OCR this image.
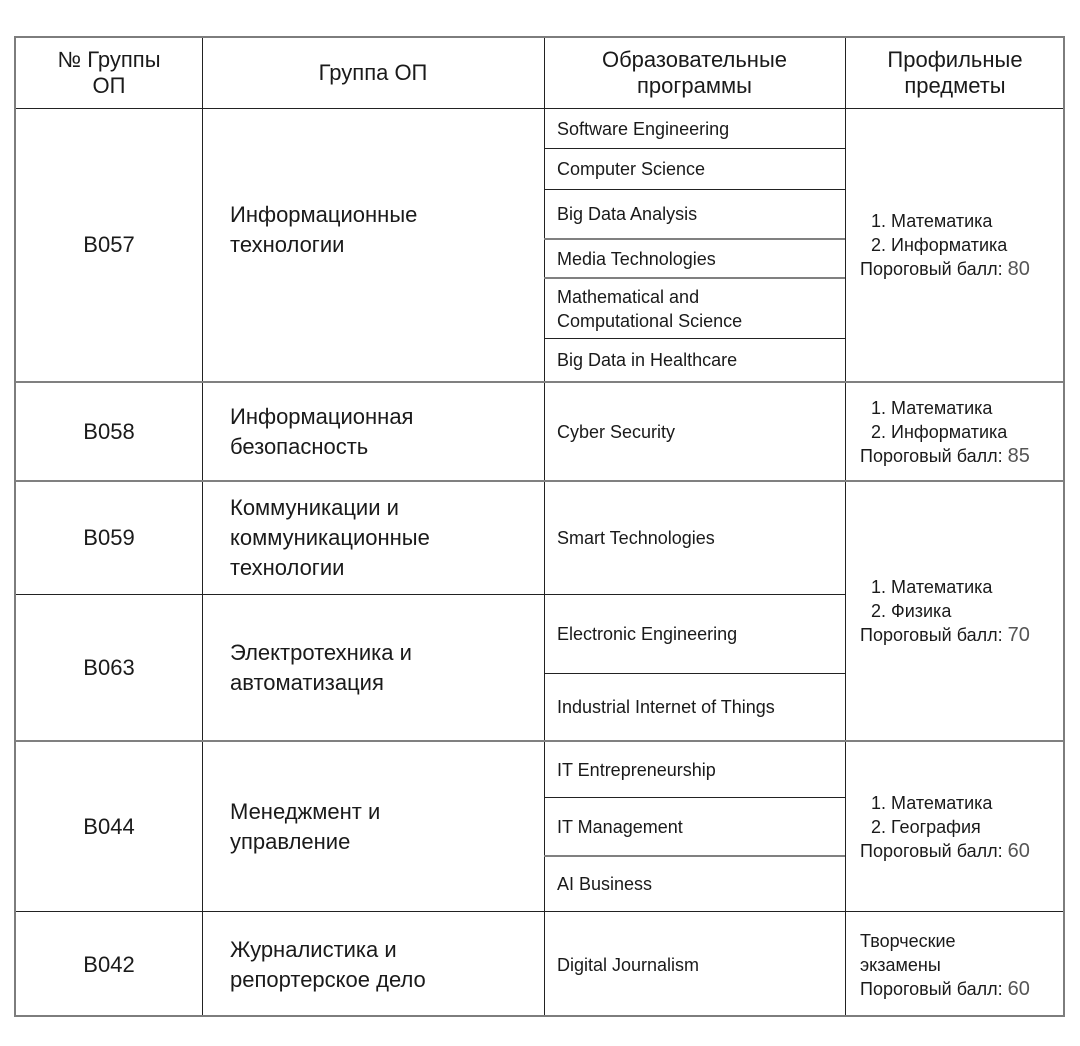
№ Группы ОП
Группа ОП
Образовательные программы
Профильные предметы
B057
Информационные технологии
Software Engineering
Computer Science
Big Data Analysis
Media Technologies
Mathematical and Computational Science
Big Data in Healthcare
1. Математика
2. Информатика
Пороговый балл: 80
B058
Информационная безопасность
Cyber Security
1. Математика
2. Информатика
Пороговый балл: 85
B059
Коммуникации и коммуникационные технологии
Smart Technologies
B063
Электротехника и автоматизация
Electronic Engineering
Industrial Internet of Things
1. Математика
2. Физика
Пороговый балл: 70
B044
Менеджмент и управление
IT Entrepreneurship
IT Management
AI Business
1. Математика
2. География
Пороговый балл: 60
B042
Журналистика и репортерское дело
Digital Journalism
Творческие экзамены
Пороговый балл: 60
